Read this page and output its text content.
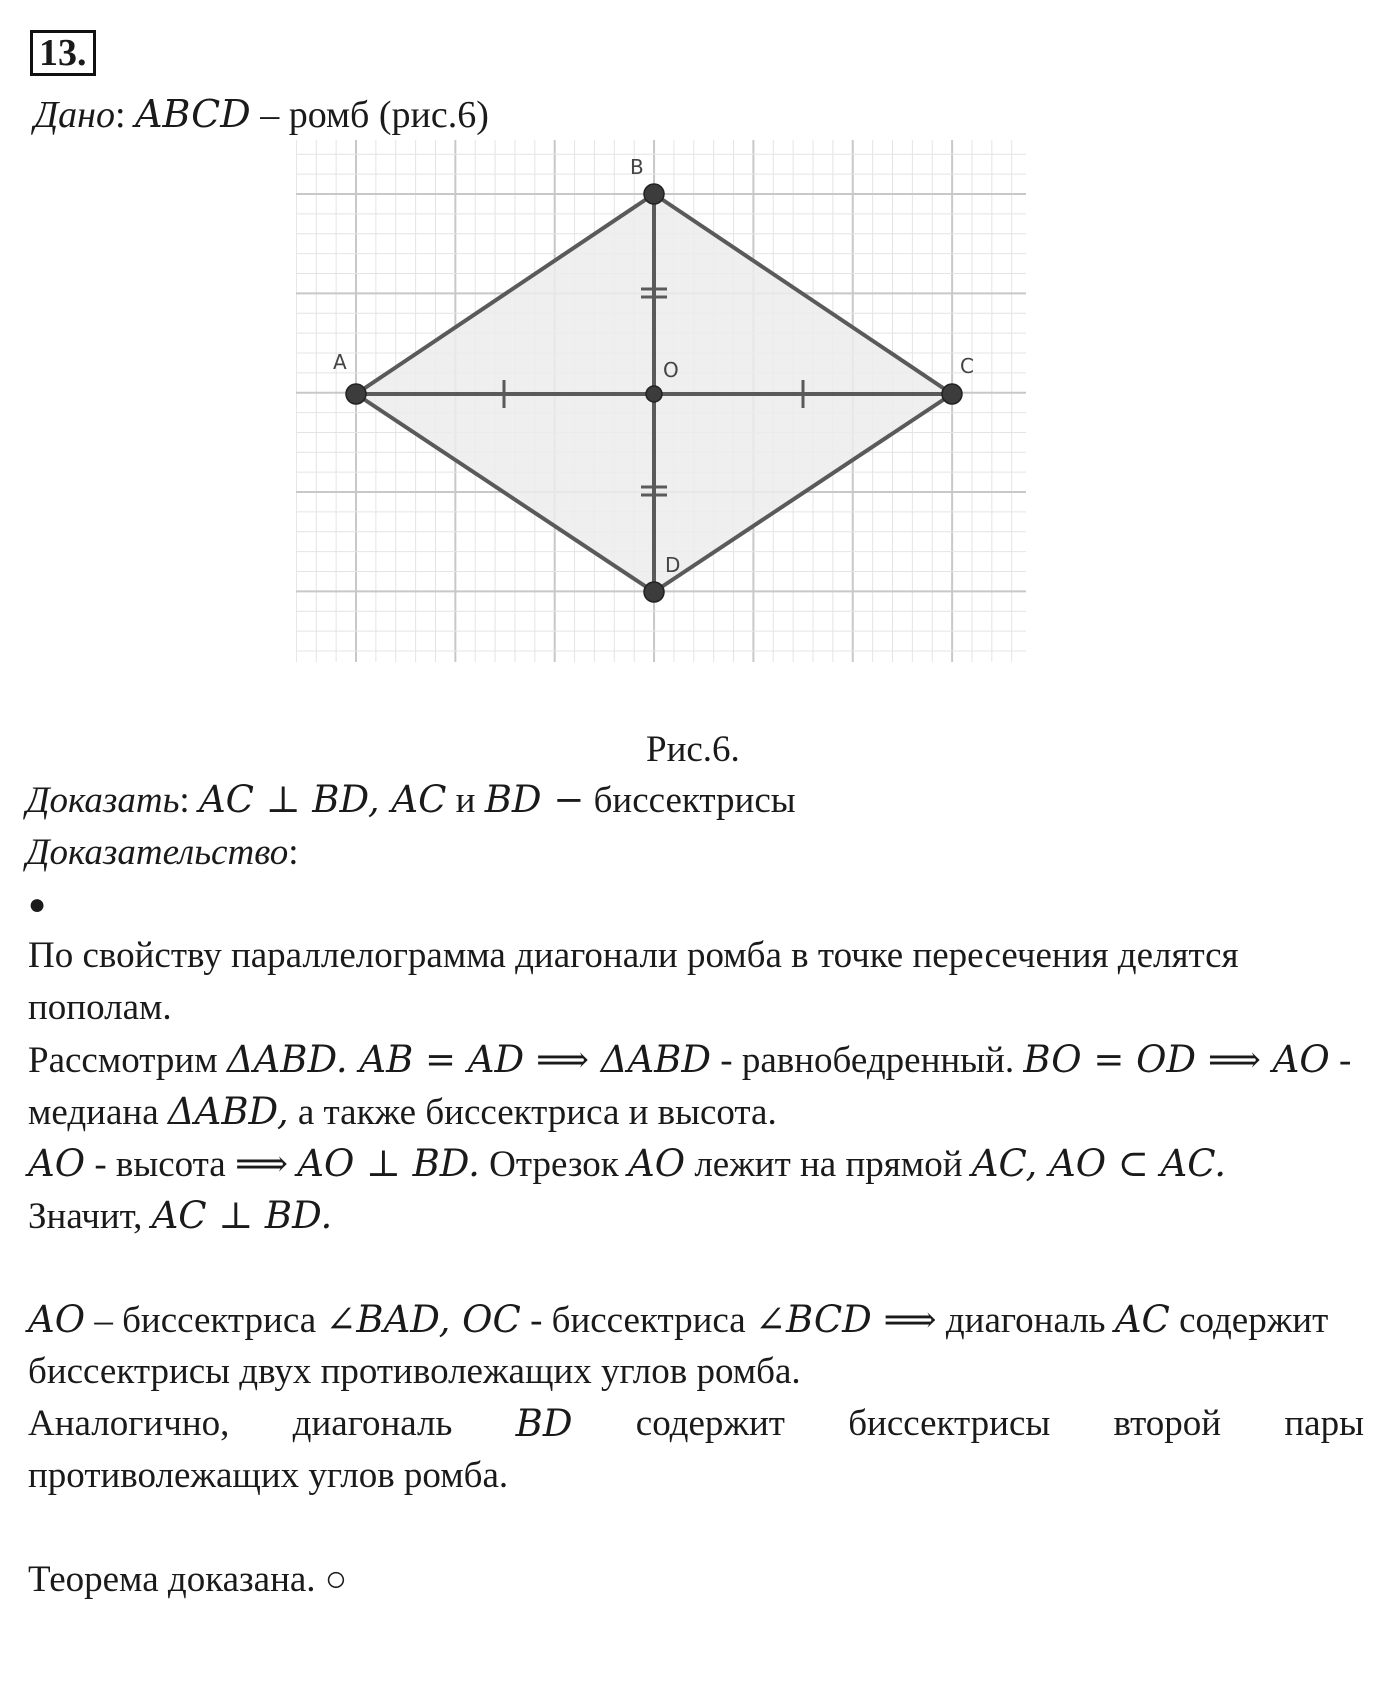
13.
Дано: ABCD – ромб (рис.6)
A
B
C
D
O
Рис.6.
Доказать: AC ⊥ BD, AC и BD − биссектрисы
Доказательство:
●
По свойству параллелограмма диагонали ромба в точке пересечения делятся
пополам.
Рассмотрим ΔABD. AB = AD ⟹ ΔABD - равнобедренный. BO = OD ⟹ AO -
медиана ΔABD, а также биссектриса и высота.
AO - высота ⟹ AO ⊥ BD. Отрезок AO лежит на прямой AC, AO ⊂ AC.
Значит, AC ⊥ BD.
AO – биссектриса ∠BAD, OC - биссектриса ∠BCD ⟹ диагональ AC содержит
биссектрисы двух противолежащих углов ромба.
Аналогично, диагональ BD содержит биссектрисы второй пары
противолежащих углов ромба.
Теорема доказана. ○
